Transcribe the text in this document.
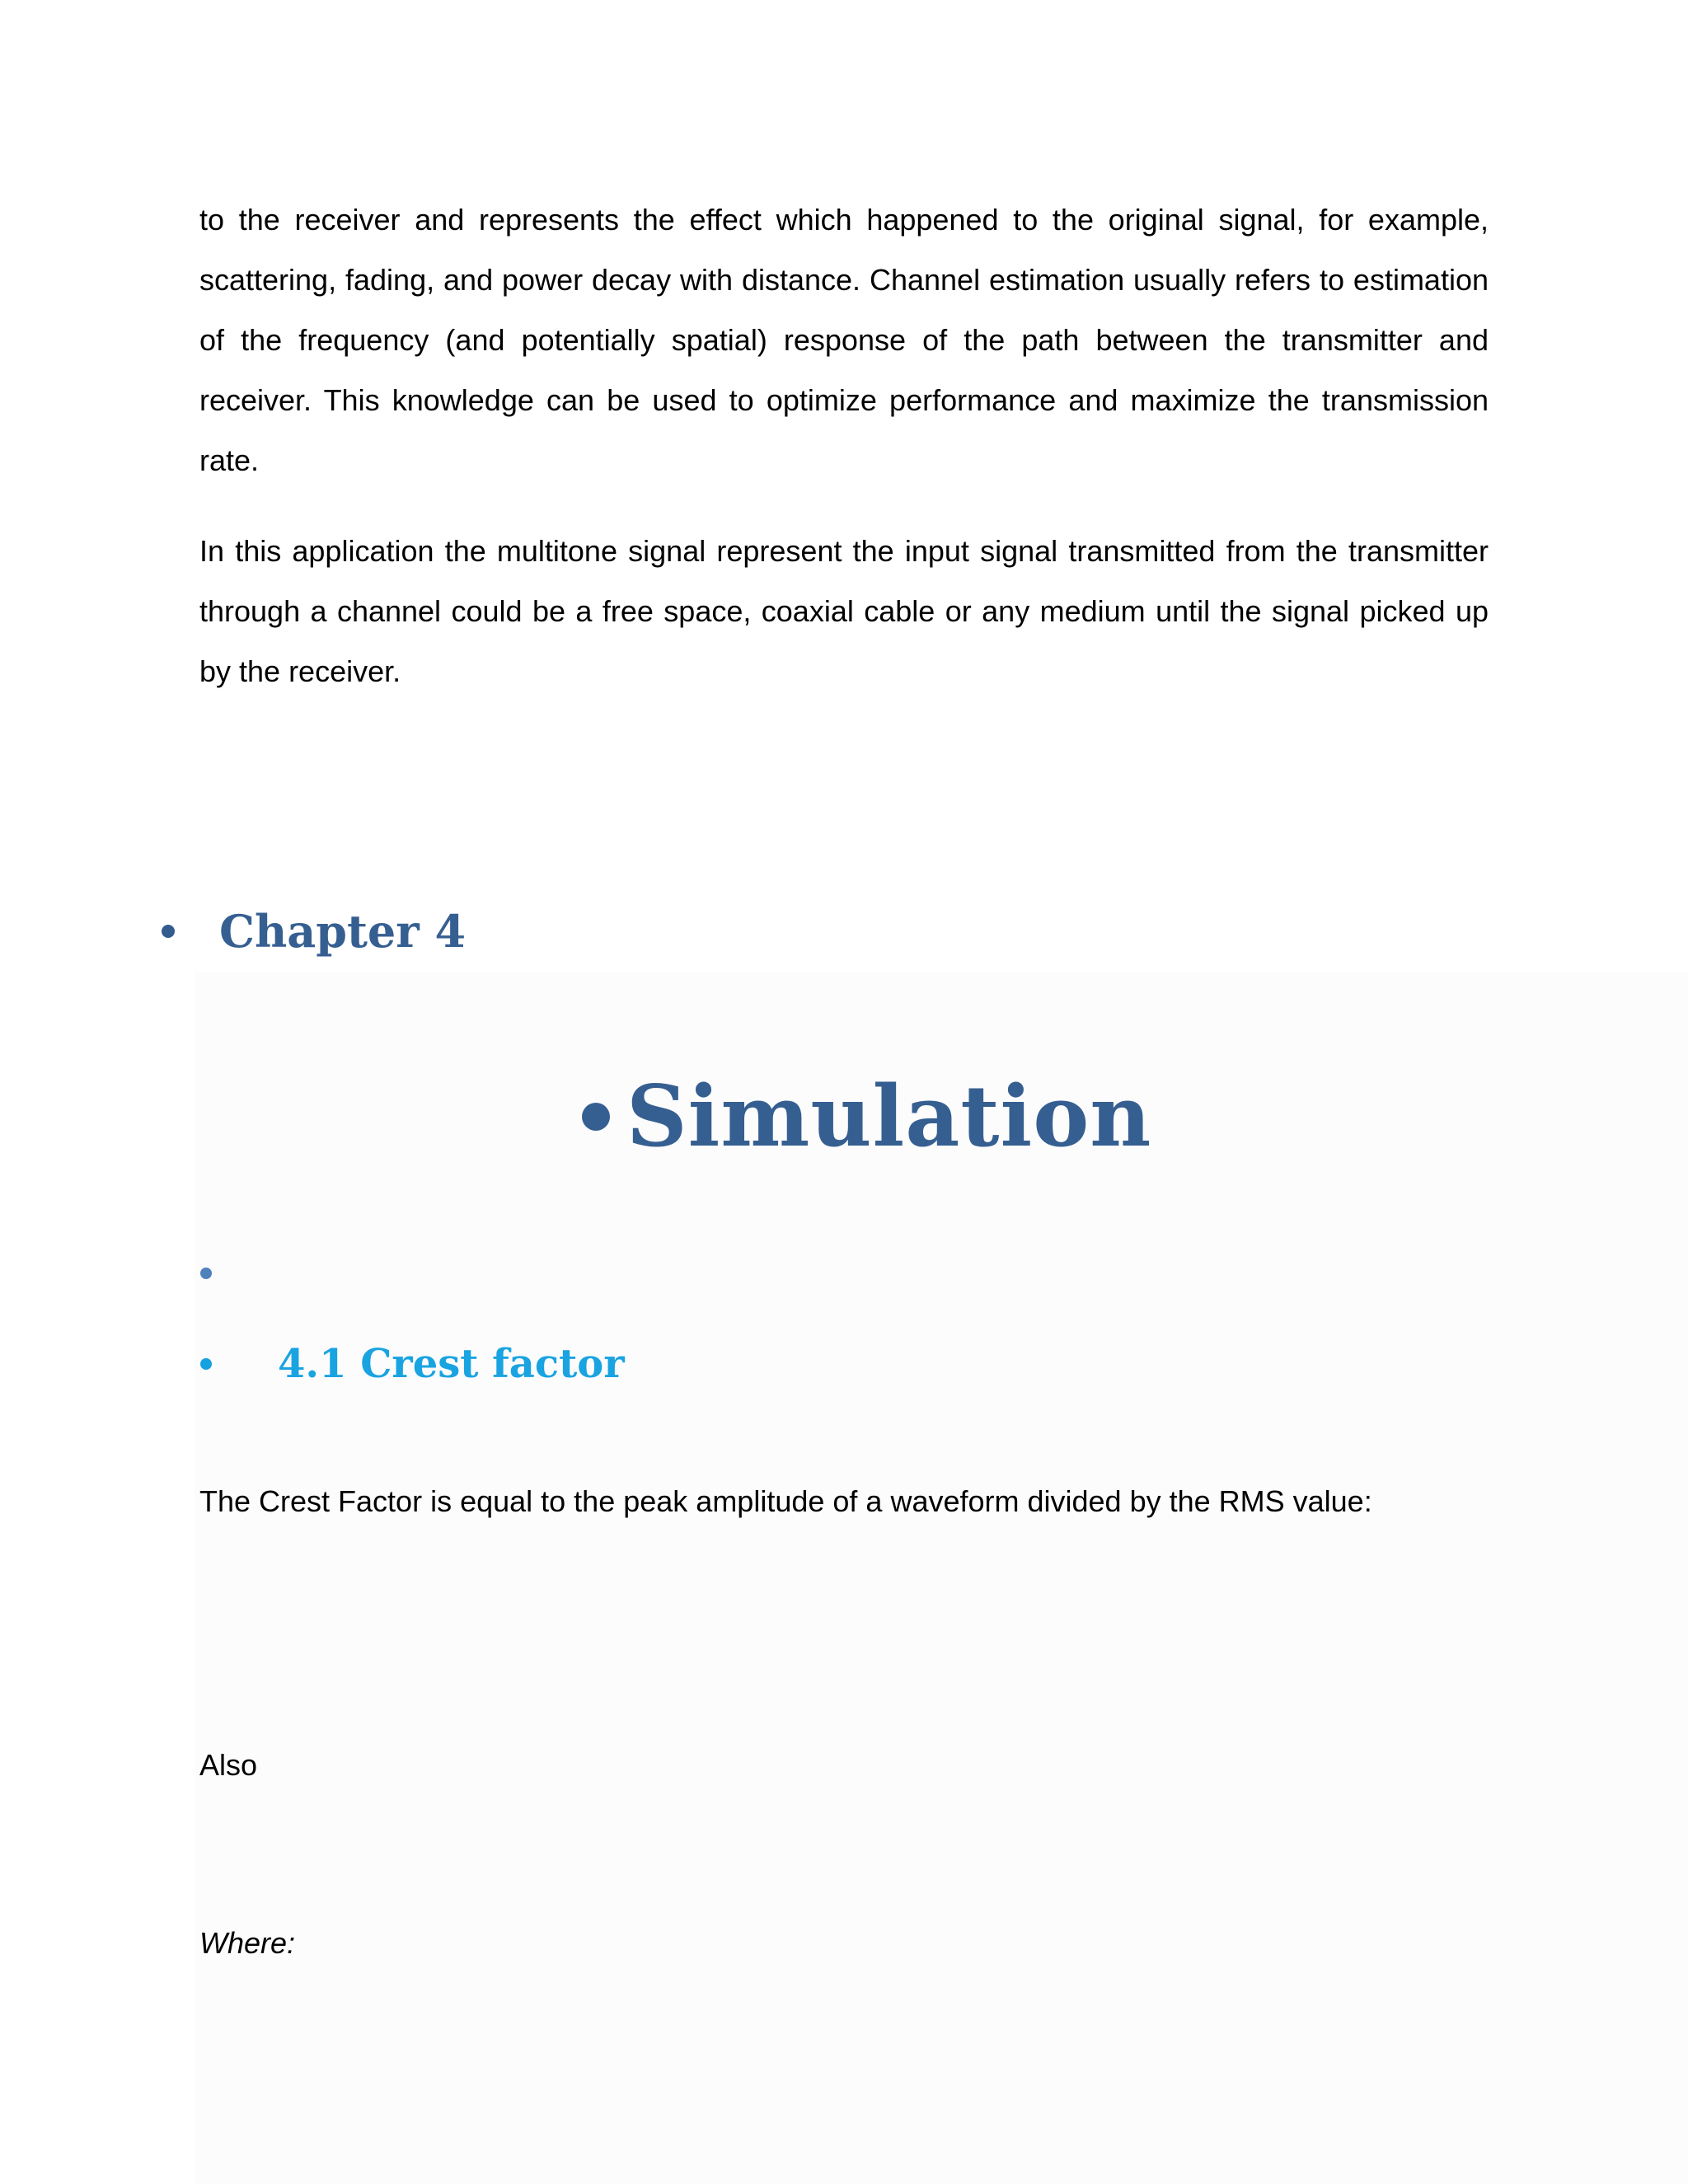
to the receiver and represents the effect which happened to the original signal, for example, scattering, fading, and power decay with distance. Channel estimation usually refers to estimation of the frequency (and potentially spatial) response of the path between the transmitter and receiver. This knowledge can be used to optimize performance and maximize the transmission rate.

In this application the multitone signal represent the input signal transmitted from the transmitter through a channel could be a free space, coaxial cable or any medium until the signal picked up by the receiver.

Chapter 4
Simulation
4.1 Crest factor

The Crest Factor is equal to the peak amplitude of a waveform divided by the RMS value:

Also

Where:
